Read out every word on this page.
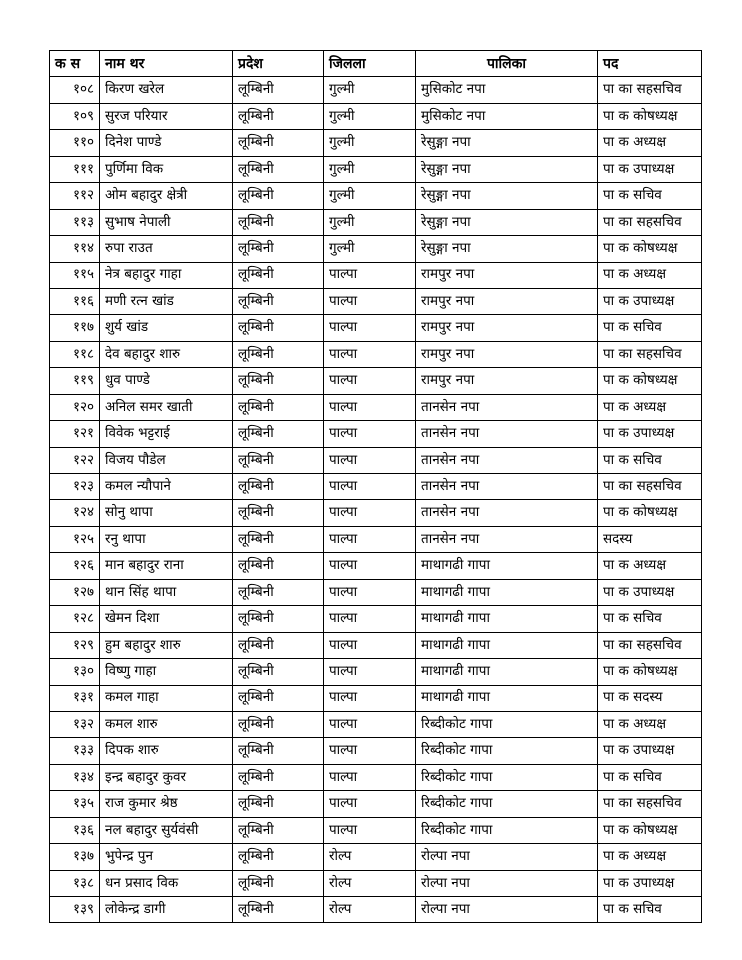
क स	नाम थर	प्रदेश	जिलला	पालिका	पद
१०८	किरण खरेल	लूम्बिनी	गुल्मी	मुसिकोट नपा	पा का सहसचिव
१०९	सुरज परियार	लूम्बिनी	गुल्मी	मुसिकोट नपा	पा क कोषध्यक्ष
११०	दिनेश पाण्डे	लूम्बिनी	गुल्मी	रेसुङ्गा नपा	पा क अध्यक्ष
१११	पुर्णिमा विक	लूम्बिनी	गुल्मी	रेसुङ्गा नपा	पा क उपाध्यक्ष
११२	ओम बहादुर क्षेत्री	लूम्बिनी	गुल्मी	रेसुङ्गा नपा	पा क सचिव
११३	सुभाष नेपाली	लूम्बिनी	गुल्मी	रेसुङ्गा नपा	पा का सहसचिव
११४	रुपा राउत	लूम्बिनी	गुल्मी	रेसुङ्गा नपा	पा क कोषध्यक्ष
११५	नेत्र बहादुर गाहा	लूम्बिनी	पाल्पा	रामपुर नपा	पा क अध्यक्ष
११६	मणी रत्न खांड	लूम्बिनी	पाल्पा	रामपुर नपा	पा क उपाध्यक्ष
११७	शुर्य खांड	लूम्बिनी	पाल्पा	रामपुर नपा	पा क सचिव
११८	देव बहादुर शारु	लूम्बिनी	पाल्पा	रामपुर नपा	पा का सहसचिव
११९	धुव पाण्डे	लूम्बिनी	पाल्पा	रामपुर नपा	पा क कोषध्यक्ष
१२०	अनिल समर खाती	लूम्बिनी	पाल्पा	तानसेन नपा	पा क अध्यक्ष
१२१	विवेक भट्टराई	लूम्बिनी	पाल्पा	तानसेन नपा	पा क उपाध्यक्ष
१२२	विजय पौडेल	लूम्बिनी	पाल्पा	तानसेन नपा	पा क सचिव
१२३	कमल न्यौपाने	लूम्बिनी	पाल्पा	तानसेन नपा	पा का सहसचिव
१२४	सोनु थापा	लूम्बिनी	पाल्पा	तानसेन नपा	पा क कोषध्यक्ष
१२५	रनु थापा	लूम्बिनी	पाल्पा	तानसेन नपा	सदस्य
१२६	मान बहादुर राना	लूम्बिनी	पाल्पा	माथागढी गापा	पा क अध्यक्ष
१२७	थान सिंह थापा	लूम्बिनी	पाल्पा	माथागढी गापा	पा क उपाध्यक्ष
१२८	खेमन दिशा	लूम्बिनी	पाल्पा	माथागढी गापा	पा क सचिव
१२९	हुम बहादुर शारु	लूम्बिनी	पाल्पा	माथागढी गापा	पा का सहसचिव
१३०	विष्णु गाहा	लूम्बिनी	पाल्पा	माथागढी गापा	पा क कोषध्यक्ष
१३१	कमल गाहा	लूम्बिनी	पाल्पा	माथागढी गापा	पा क सदस्य
१३२	कमल शारु	लूम्बिनी	पाल्पा	रिब्दीकोट गापा	पा क अध्यक्ष
१३३	दिपक शारु	लूम्बिनी	पाल्पा	रिब्दीकोट गापा	पा क उपाध्यक्ष
१३४	इन्द्र बहादुर कुवर	लूम्बिनी	पाल्पा	रिब्दीकोट गापा	पा क सचिव
१३५	राज कुमार श्रेष्ठ	लूम्बिनी	पाल्पा	रिब्दीकोट गापा	पा का सहसचिव
१३६	नल बहादुर सुर्यवंसी	लूम्बिनी	पाल्पा	रिब्दीकोट गापा	पा क कोषध्यक्ष
१३७	भुपेन्द्र पुन	लूम्बिनी	रोल्प	रोल्पा नपा	पा क अध्यक्ष
१३८	धन प्रसाद विक	लूम्बिनी	रोल्प	रोल्पा नपा	पा क उपाध्यक्ष
१३९	लोकेन्द्र डागी	लूम्बिनी	रोल्प	रोल्पा नपा	पा क सचिव
